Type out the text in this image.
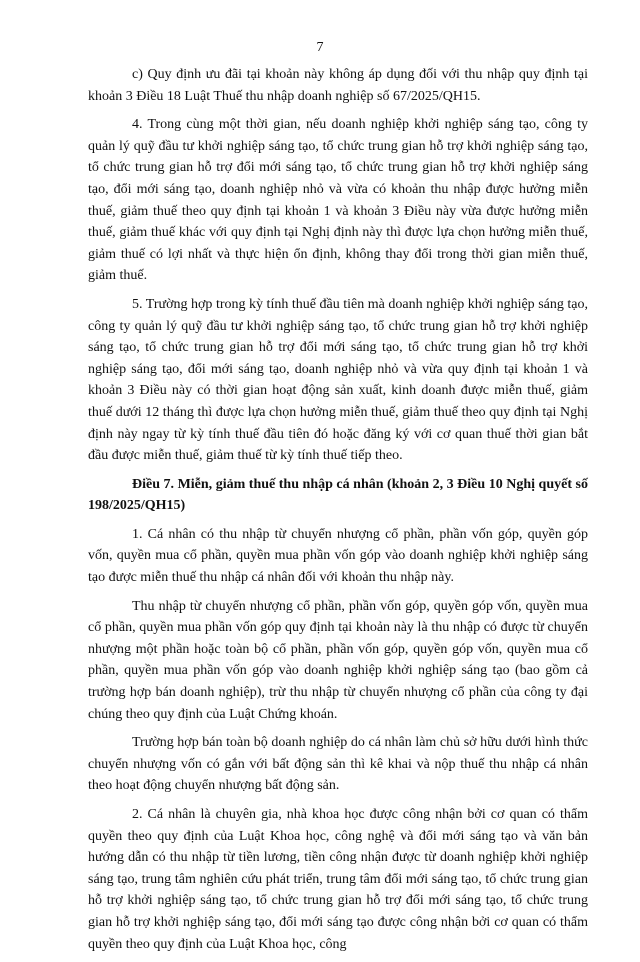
7

c) Quy định ưu đãi tại khoản này không áp dụng đối với thu nhập quy định tại khoản 3 Điều 18 Luật Thuế thu nhập doanh nghiệp số 67/2025/QH15.

4. Trong cùng một thời gian, nếu doanh nghiệp khởi nghiệp sáng tạo, công ty quản lý quỹ đầu tư khởi nghiệp sáng tạo, tổ chức trung gian hỗ trợ khởi nghiệp sáng tạo, tổ chức trung gian hỗ trợ đổi mới sáng tạo, tổ chức trung gian hỗ trợ khởi nghiệp sáng tạo, đổi mới sáng tạo, doanh nghiệp nhỏ và vừa có khoản thu nhập được hưởng miễn thuế, giảm thuế theo quy định tại khoản 1 và khoản 3 Điều này vừa được hưởng miễn thuế, giảm thuế khác với quy định tại Nghị định này thì được lựa chọn hưởng miễn thuế, giảm thuế có lợi nhất và thực hiện ổn định, không thay đổi trong thời gian miễn thuế, giảm thuế.

5. Trường hợp trong kỳ tính thuế đầu tiên mà doanh nghiệp khởi nghiệp sáng tạo, công ty quản lý quỹ đầu tư khởi nghiệp sáng tạo, tổ chức trung gian hỗ trợ khởi nghiệp sáng tạo, tổ chức trung gian hỗ trợ đổi mới sáng tạo, tổ chức trung gian hỗ trợ khởi nghiệp sáng tạo, đổi mới sáng tạo, doanh nghiệp nhỏ và vừa quy định tại khoản 1 và khoản 3 Điều này có thời gian hoạt động sản xuất, kinh doanh được miễn thuế, giảm thuế dưới 12 tháng thì được lựa chọn hưởng miễn thuế, giảm thuế theo quy định tại Nghị định này ngay từ kỳ tính thuế đầu tiên đó hoặc đăng ký với cơ quan thuế thời gian bắt đầu được miễn thuế, giảm thuế từ kỳ tính thuế tiếp theo.

Điều 7. Miễn, giảm thuế thu nhập cá nhân (khoản 2, 3 Điều 10 Nghị quyết số 198/2025/QH15)

1. Cá nhân có thu nhập từ chuyển nhượng cổ phần, phần vốn góp, quyền góp vốn, quyền mua cổ phần, quyền mua phần vốn góp vào doanh nghiệp khởi nghiệp sáng tạo được miễn thuế thu nhập cá nhân đối với khoản thu nhập này.

Thu nhập từ chuyển nhượng cổ phần, phần vốn góp, quyền góp vốn, quyền mua cổ phần, quyền mua phần vốn góp quy định tại khoản này là thu nhập có được từ chuyển nhượng một phần hoặc toàn bộ cổ phần, phần vốn góp, quyền góp vốn, quyền mua cổ phần, quyền mua phần vốn góp vào doanh nghiệp khởi nghiệp sáng tạo (bao gồm cả trường hợp bán doanh nghiệp), trừ thu nhập từ chuyển nhượng cổ phần của công ty đại chúng theo quy định của Luật Chứng khoán.

Trường hợp bán toàn bộ doanh nghiệp do cá nhân làm chủ sở hữu dưới hình thức chuyển nhượng vốn có gắn với bất động sản thì kê khai và nộp thuế thu nhập cá nhân theo hoạt động chuyển nhượng bất động sản.

2. Cá nhân là chuyên gia, nhà khoa học được công nhận bởi cơ quan có thẩm quyền theo quy định của Luật Khoa học, công nghệ và đổi mới sáng tạo và văn bản hướng dẫn có thu nhập từ tiền lương, tiền công nhận được từ doanh nghiệp khởi nghiệp sáng tạo, trung tâm nghiên cứu phát triển, trung tâm đổi mới sáng tạo, tổ chức trung gian hỗ trợ khởi nghiệp sáng tạo, tổ chức trung gian hỗ trợ đổi mới sáng tạo, tổ chức trung gian hỗ trợ khởi nghiệp sáng tạo, đổi mới sáng tạo được công nhận bởi cơ quan có thẩm quyền theo quy định của Luật Khoa học, công
